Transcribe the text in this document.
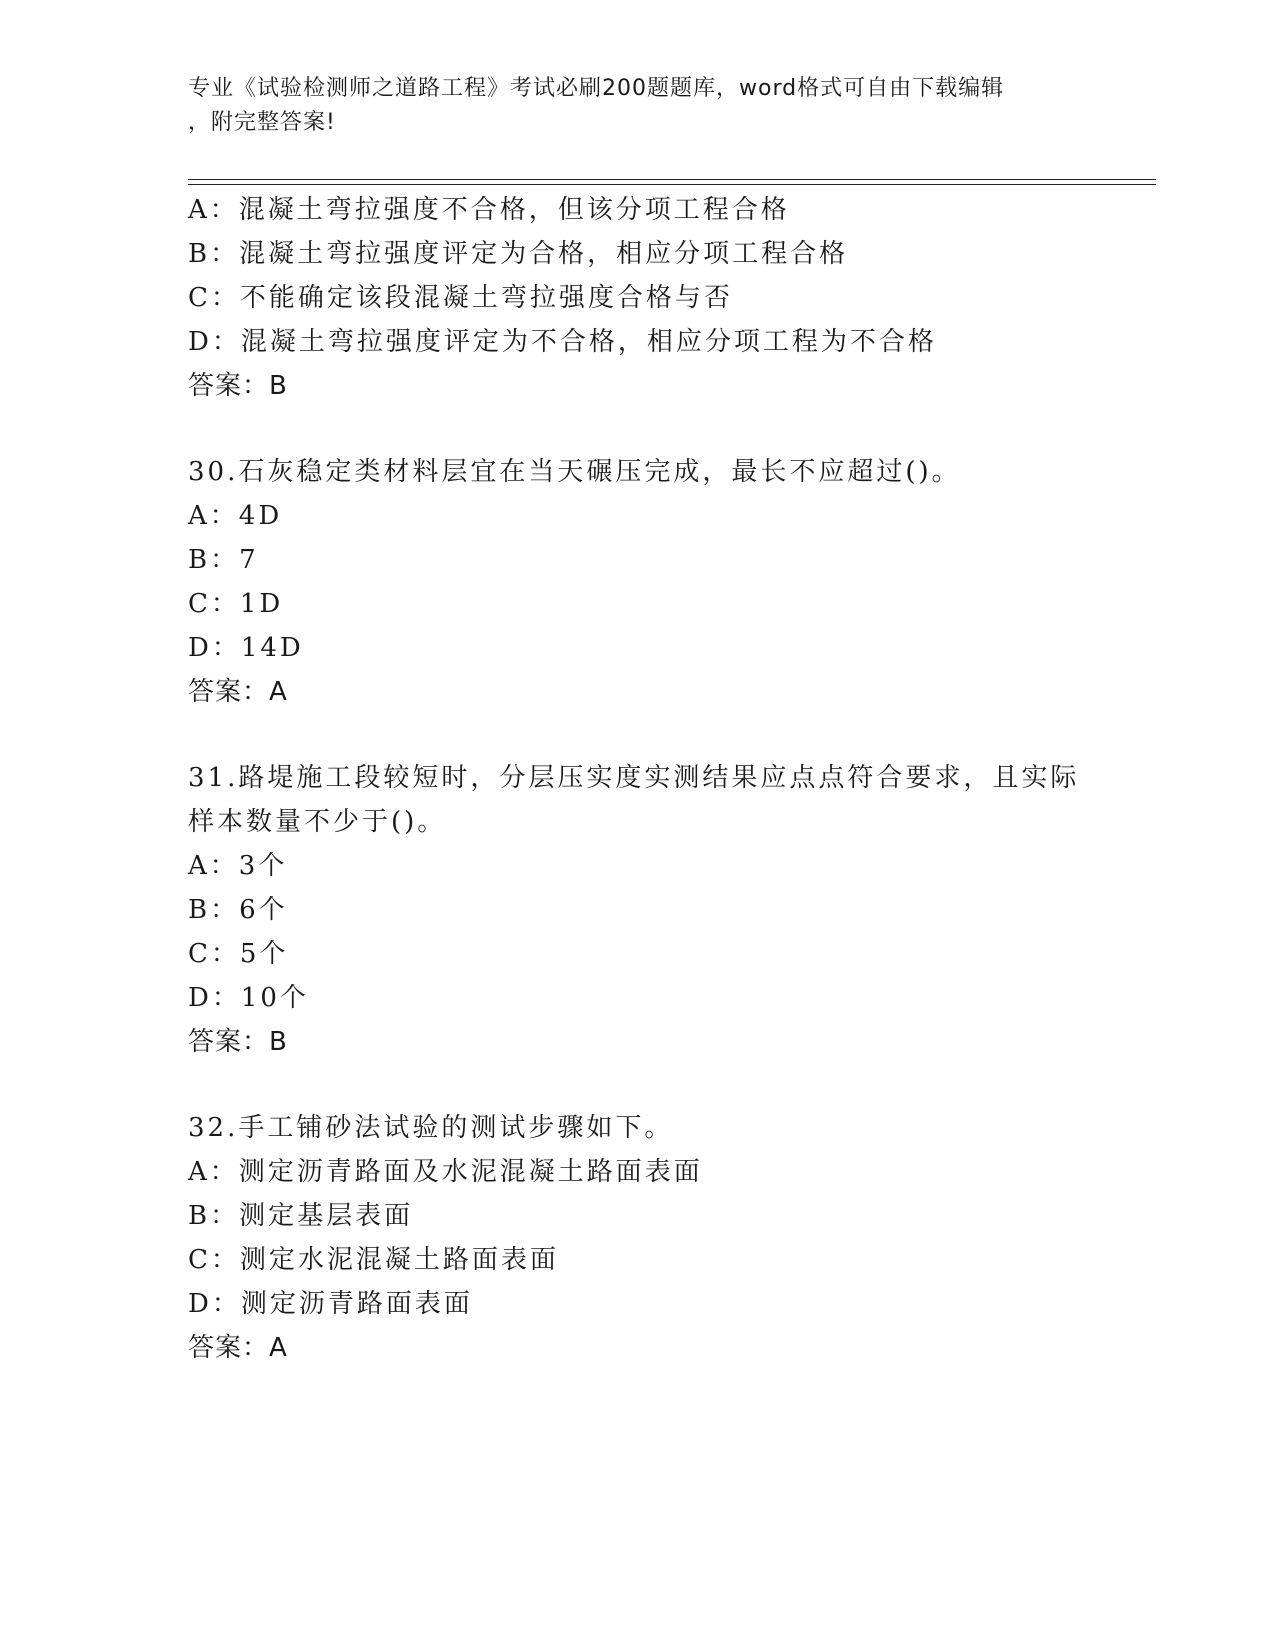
专业《试验检测师之道路工程》考试必刷200题题库，word格式可自由下载编辑
，附完整答案!
A：混凝土弯拉强度不合格，但该分项工程合格
B：混凝土弯拉强度评定为合格，相应分项工程合格
C：不能确定该段混凝土弯拉强度合格与否
D：混凝土弯拉强度评定为不合格，相应分项工程为不合格
答案：B
30.石灰稳定类材料层宜在当天碾压完成，最长不应超过()。
A：4D
B：7
C：1D
D：14D
答案：A
31.路堤施工段较短时，分层压实度实测结果应点点符合要求，且实际
样本数量不少于()。
A：3个
B：6个
C：5个
D：10个
答案：B
32.手工铺砂法试验的测试步骤如下。
A：测定沥青路面及水泥混凝土路面表面
B：测定基层表面
C：测定水泥混凝土路面表面
D：测定沥青路面表面
答案：A
